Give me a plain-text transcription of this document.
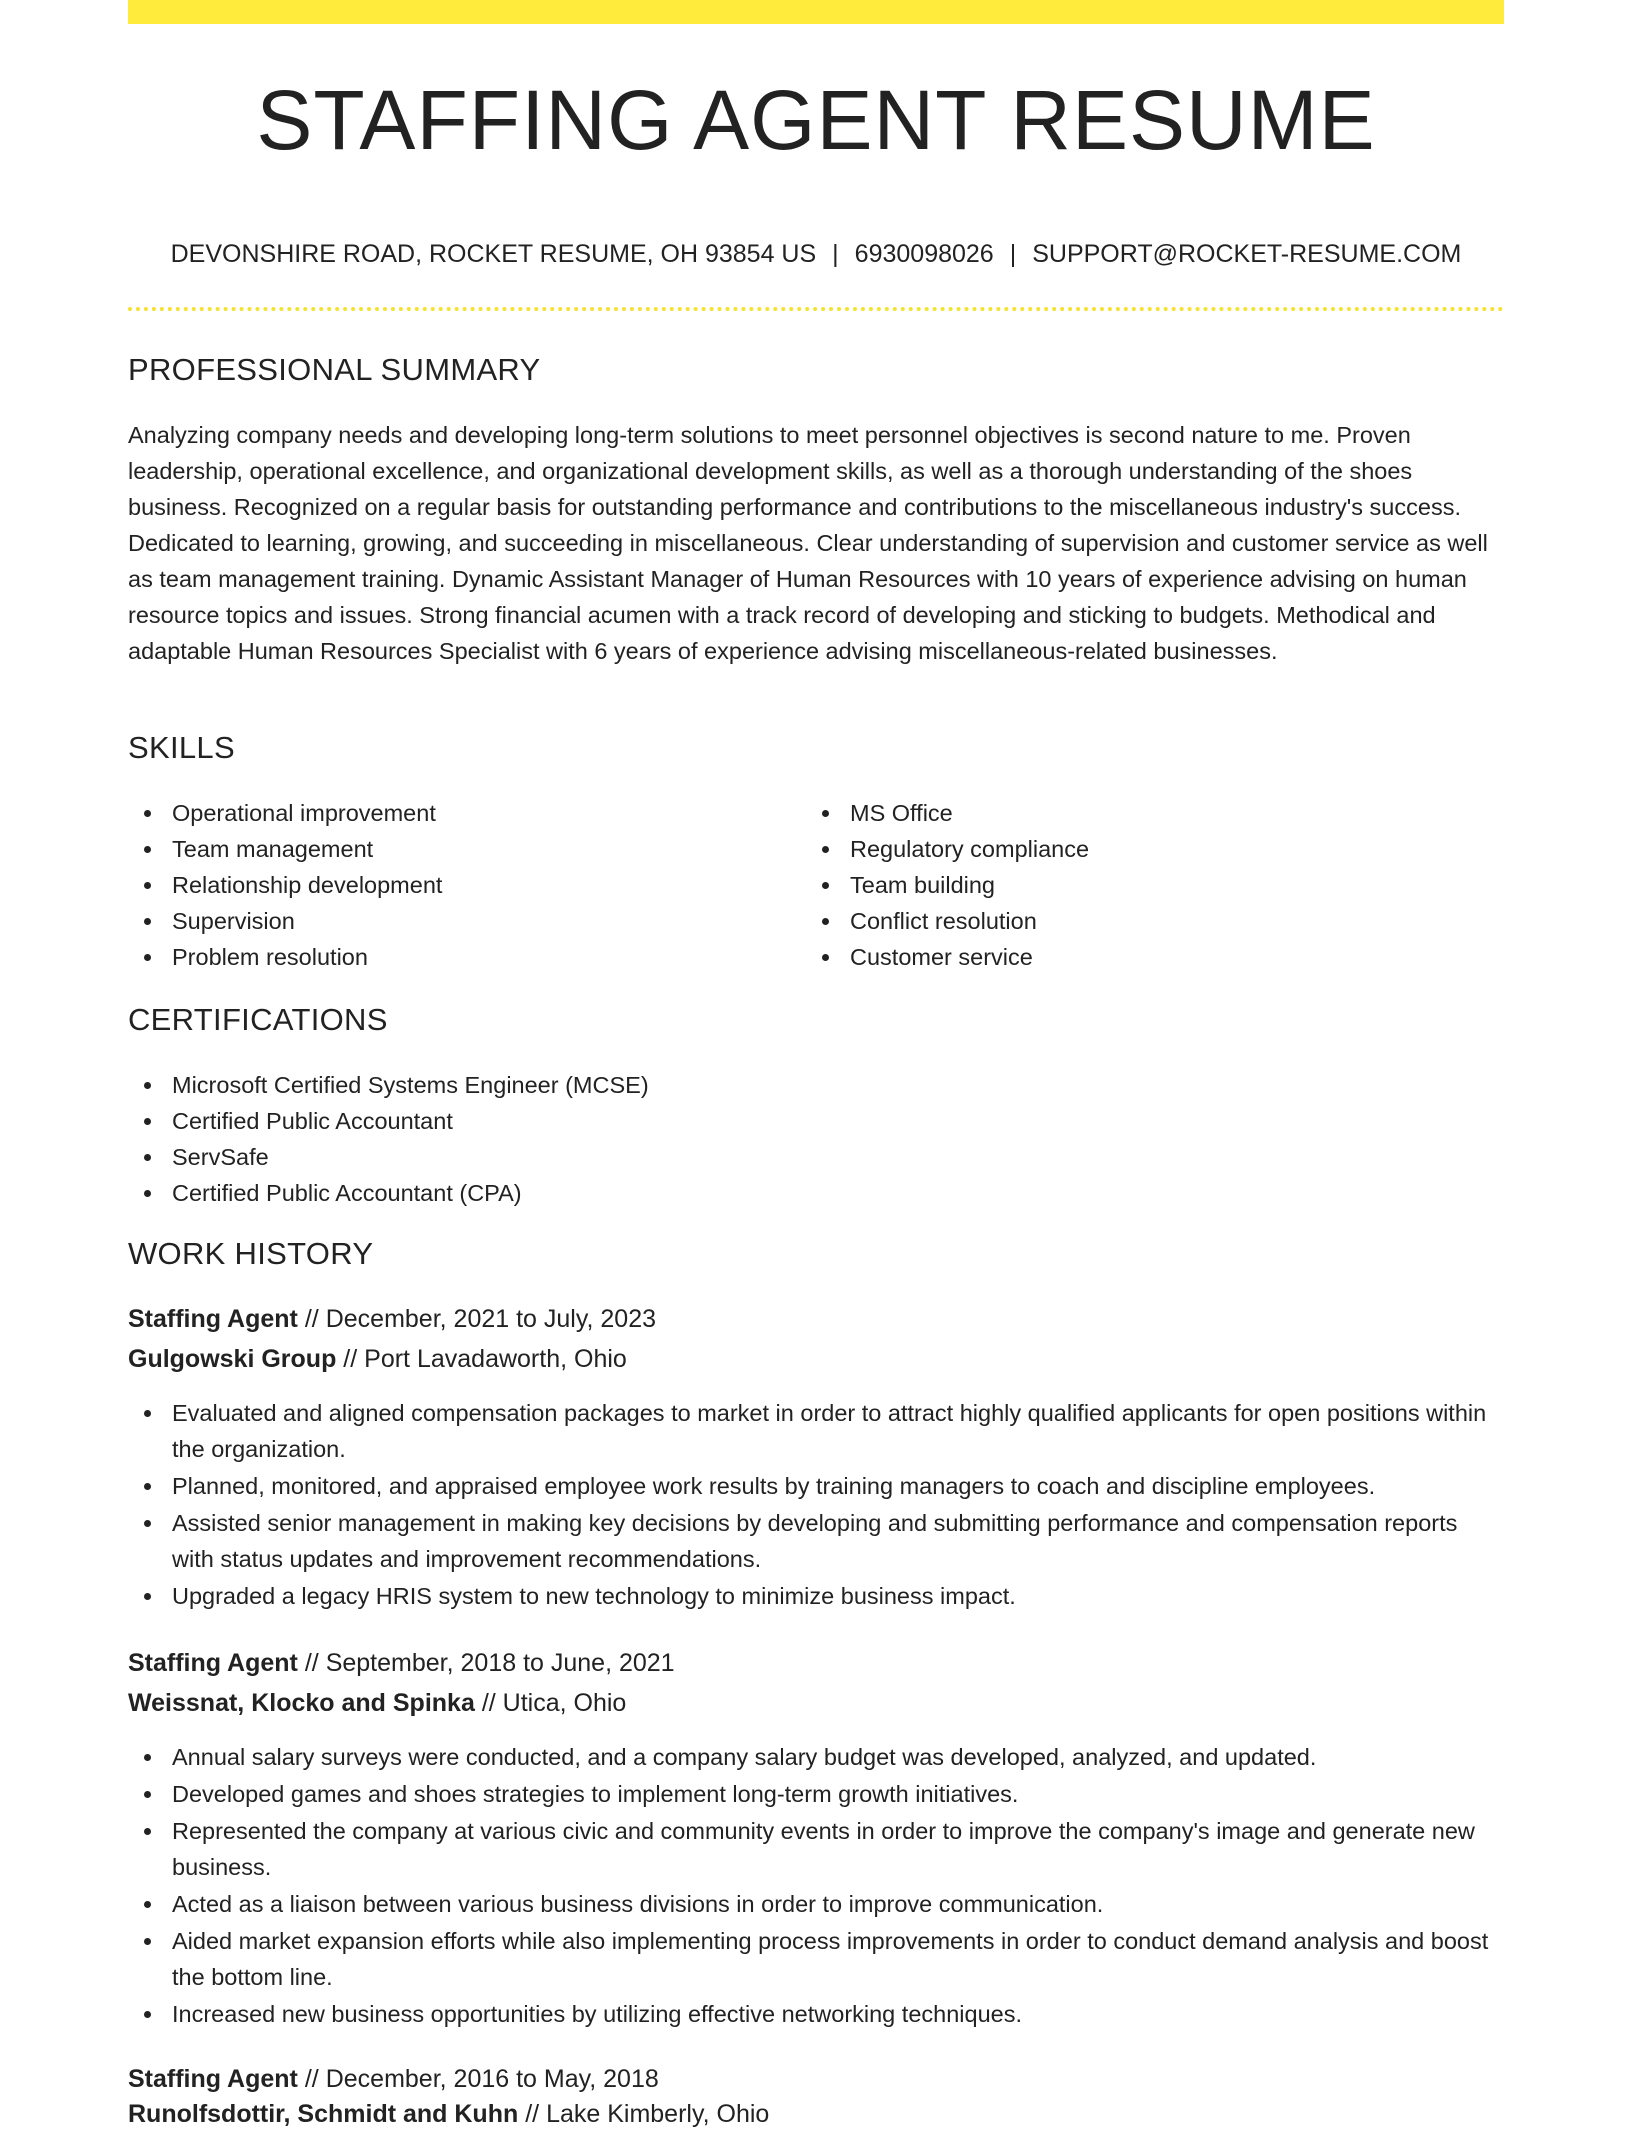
STAFFING AGENT RESUME
DEVONSHIRE ROAD, ROCKET RESUME, OH 93854 US | 6930098026 | SUPPORT@ROCKET-RESUME.COM
PROFESSIONAL SUMMARY
Analyzing company needs and developing long-term solutions to meet personnel objectives is second nature to me. Proven leadership, operational excellence, and organizational development skills, as well as a thorough understanding of the shoes business. Recognized on a regular basis for outstanding performance and contributions to the miscellaneous industry's success. Dedicated to learning, growing, and succeeding in miscellaneous. Clear understanding of supervision and customer service as well as team management training. Dynamic Assistant Manager of Human Resources with 10 years of experience advising on human resource topics and issues. Strong financial acumen with a track record of developing and sticking to budgets. Methodical and adaptable Human Resources Specialist with 6 years of experience advising miscellaneous-related businesses.
SKILLS
Operational improvement
Team management
Relationship development
Supervision
Problem resolution
MS Office
Regulatory compliance
Team building
Conflict resolution
Customer service
CERTIFICATIONS
Microsoft Certified Systems Engineer (MCSE)
Certified Public Accountant
ServSafe
Certified Public Accountant (CPA)
WORK HISTORY
Staffing Agent // December, 2021 to July, 2023
Gulgowski Group // Port Lavadaworth, Ohio
Evaluated and aligned compensation packages to market in order to attract highly qualified applicants for open positions within the organization.
Planned, monitored, and appraised employee work results by training managers to coach and discipline employees.
Assisted senior management in making key decisions by developing and submitting performance and compensation reports with status updates and improvement recommendations.
Upgraded a legacy HRIS system to new technology to minimize business impact.
Staffing Agent // September, 2018 to June, 2021
Weissnat, Klocko and Spinka // Utica, Ohio
Annual salary surveys were conducted, and a company salary budget was developed, analyzed, and updated.
Developed games and shoes strategies to implement long-term growth initiatives.
Represented the company at various civic and community events in order to improve the company's image and generate new business.
Acted as a liaison between various business divisions in order to improve communication.
Aided market expansion efforts while also implementing process improvements in order to conduct demand analysis and boost the bottom line.
Increased new business opportunities by utilizing effective networking techniques.
Staffing Agent // December, 2016 to May, 2018
Runolfsdottir, Schmidt and Kuhn // Lake Kimberly, Ohio
